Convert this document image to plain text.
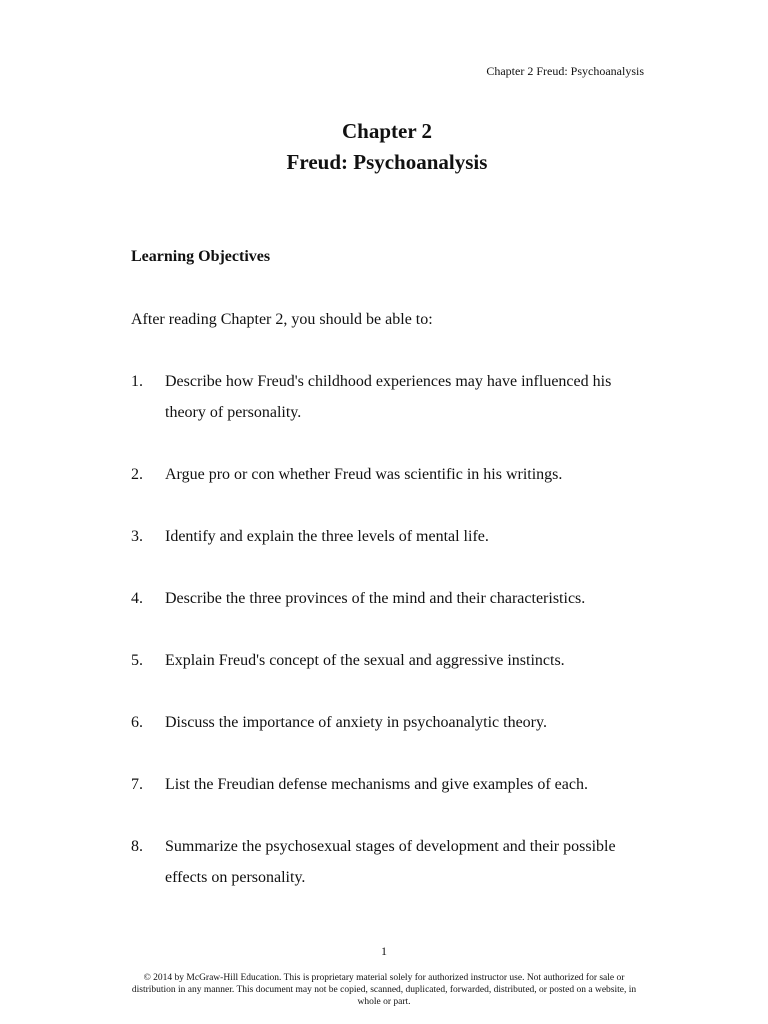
Chapter 2 Freud: Psychoanalysis
Chapter 2
Freud: Psychoanalysis
Learning Objectives
After reading Chapter 2, you should be able to:
1. Describe how Freud's childhood experiences may have influenced his theory of personality.
2. Argue pro or con whether Freud was scientific in his writings.
3. Identify and explain the three levels of mental life.
4. Describe the three provinces of the mind and their characteristics.
5. Explain Freud's concept of the sexual and aggressive instincts.
6. Discuss the importance of anxiety in psychoanalytic theory.
7. List the Freudian defense mechanisms and give examples of each.
8. Summarize the psychosexual stages of development and their possible effects on personality.
1
© 2014 by McGraw-Hill Education. This is proprietary material solely for authorized instructor use. Not authorized for sale or distribution in any manner. This document may not be copied, scanned, duplicated, forwarded, distributed, or posted on a website, in whole or part.
